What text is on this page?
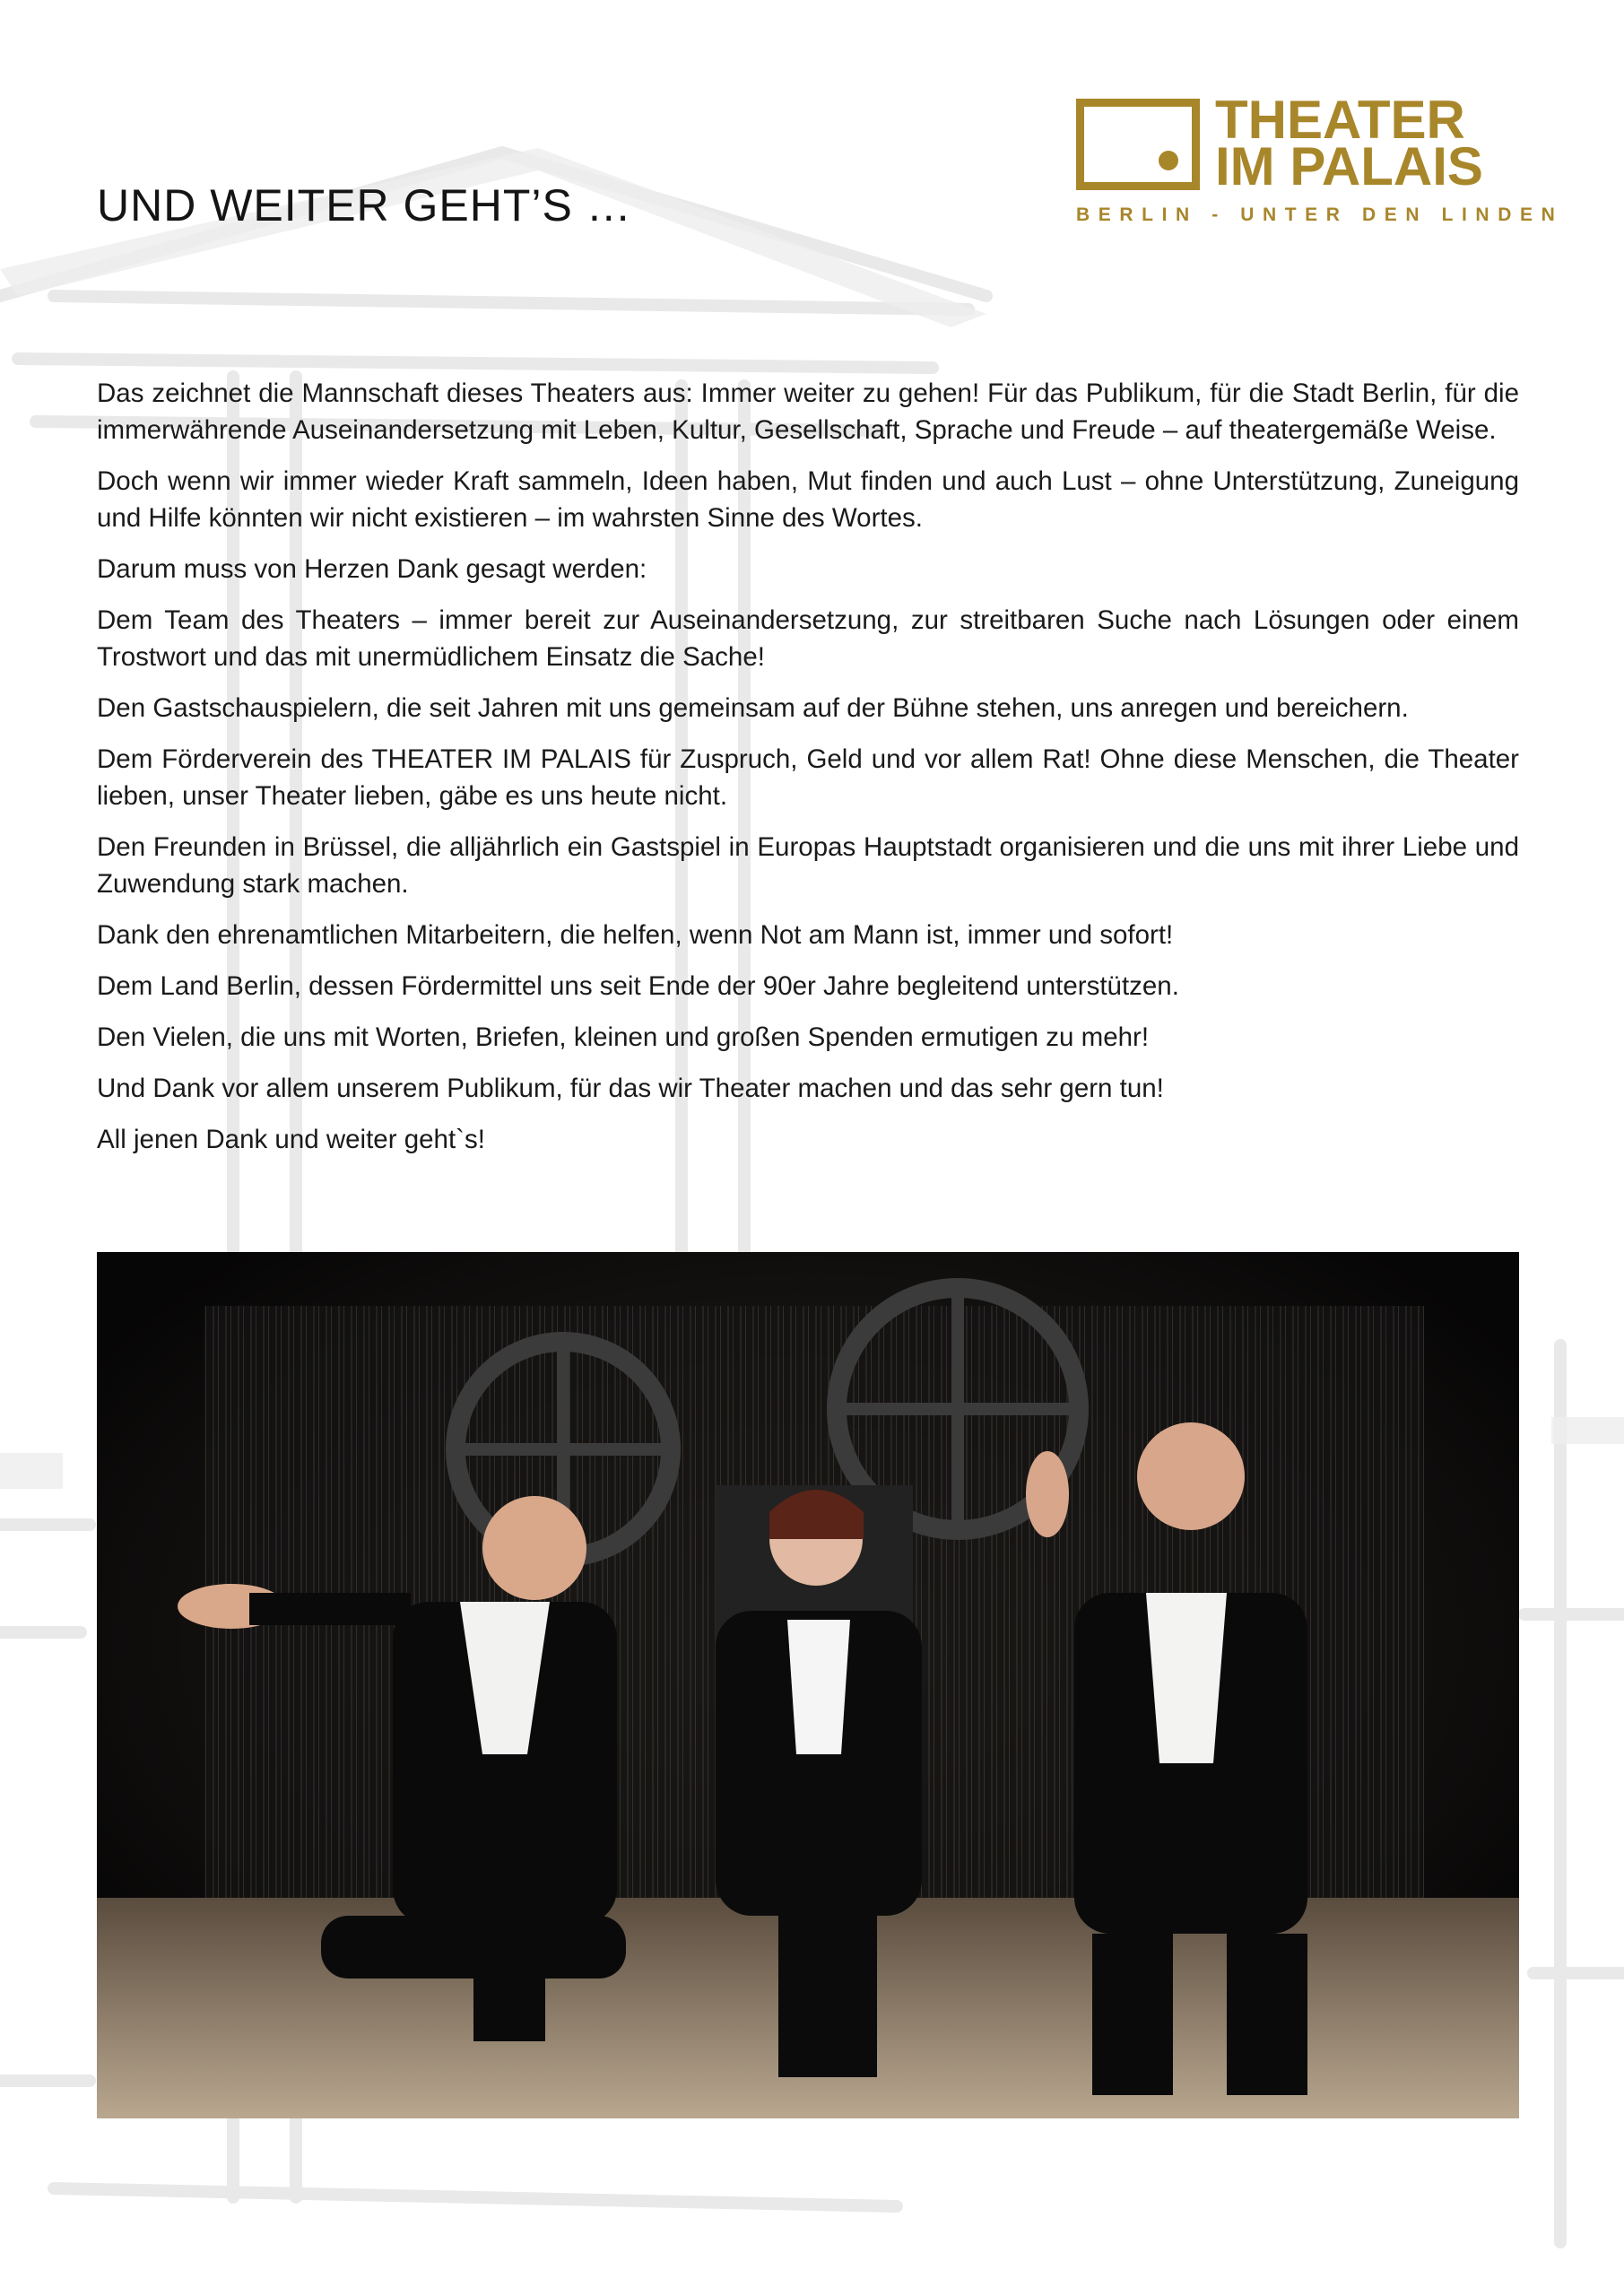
UND WEITER GEHT’S …
THEATER
IM PALAIS
BERLIN - UNTER DEN LINDEN

Das zeichnet die Mannschaft dieses Theaters aus: Immer weiter zu gehen! Für das Publikum, für die Stadt Berlin, für die immerwährende Auseinandersetzung mit Leben, Kultur, Gesellschaft, Sprache und Freude – auf theatergemäße Weise.

Doch wenn wir immer wieder Kraft sammeln, Ideen haben, Mut finden und auch Lust – ohne Unterstützung, Zuneigung und Hilfe könnten wir nicht existieren – im wahrsten Sinne des Wortes.

Darum muss von Herzen Dank gesagt werden:

Dem Team des Theaters – immer bereit zur Auseinandersetzung, zur streitbaren Suche nach Lösungen oder einem Trostwort und das mit unermüdlichem Einsatz die Sache!

Den Gastschauspielern, die seit Jahren mit uns gemeinsam auf der Bühne stehen, uns anregen und bereichern.

Dem Förderverein des THEATER IM PALAIS für Zuspruch, Geld und vor allem Rat! Ohne diese Menschen, die Theater lieben, unser Theater lieben, gäbe es uns heute nicht.

Den Freunden in Brüssel, die alljährlich ein Gastspiel in Europas Hauptstadt organisieren und die uns mit ihrer Liebe und Zuwendung stark machen.

Dank den ehrenamtlichen Mitarbeitern, die helfen, wenn Not am Mann ist, immer und sofort!

Dem Land Berlin, dessen Fördermittel uns seit Ende der 90er Jahre begleitend unterstützen.

Den Vielen, die uns mit Worten, Briefen, kleinen und großen Spenden ermutigen zu mehr!

Und Dank vor allem unserem Publikum, für das wir Theater machen und das sehr gern tun!

All jenen Dank und weiter geht`s!
